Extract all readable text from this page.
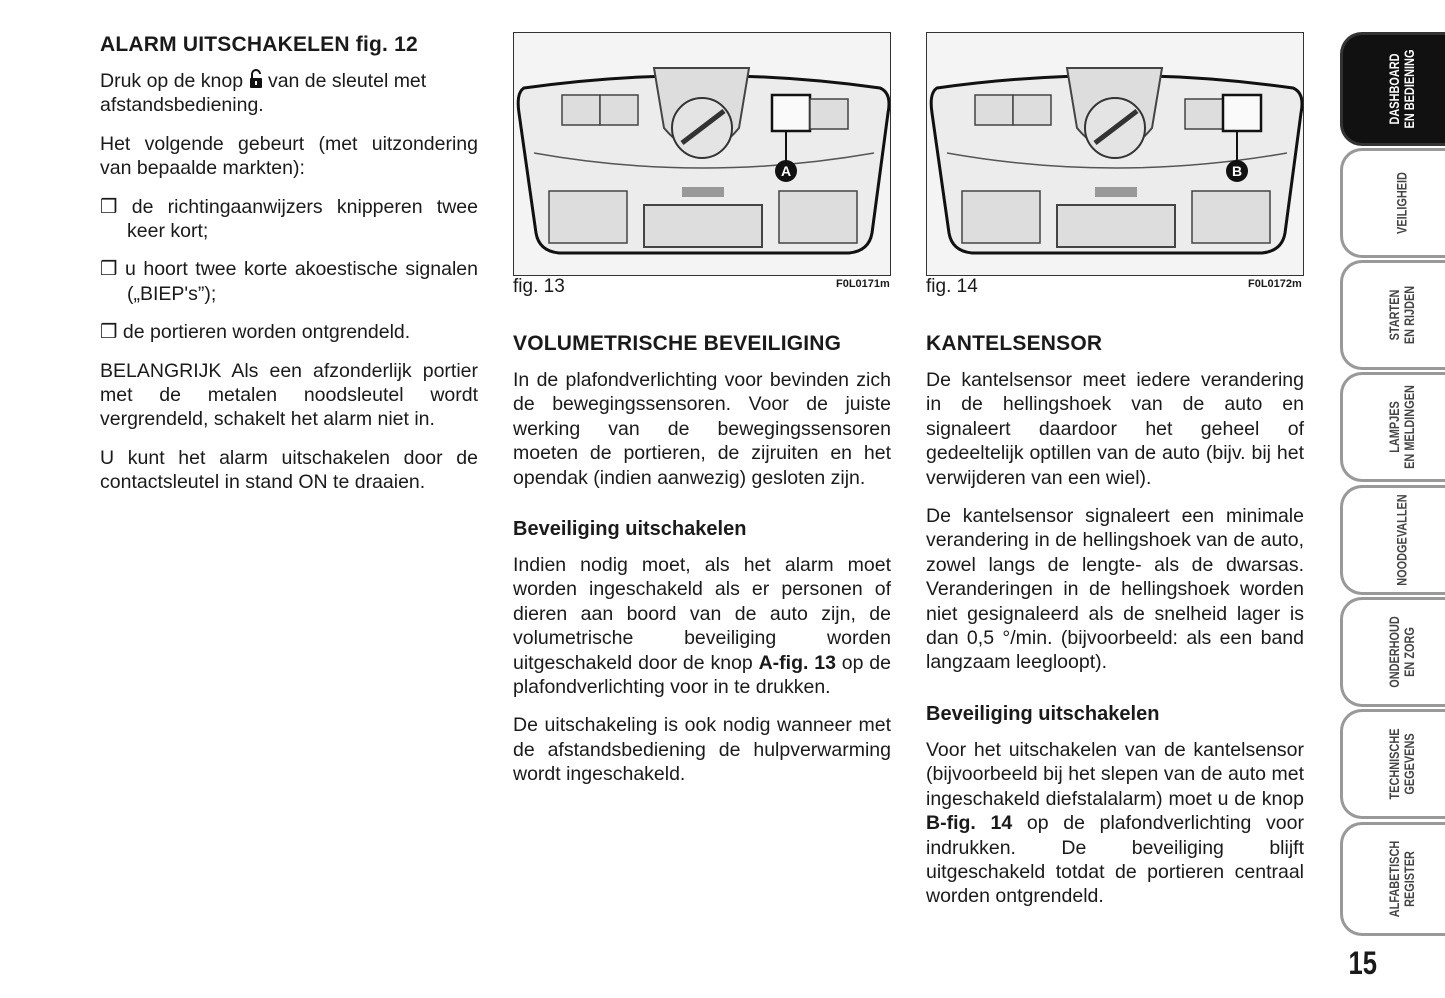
ALARM UITSCHAKELEN fig. 12

Druk op de knop van de sleutel met afstandsbediening.

Het volgende gebeurt (met uitzondering van bepaalde markten):

❒ de richtingaanwijzers knipperen twee keer kort;

❒ u hoort twee korte akoestische signalen („BIEP's”);

❒ de portieren worden ontgrendeld.

BELANGRIJK Als een afzonderlijk portier met de metalen noodsleutel wordt vergrendeld, schakelt het alarm niet in.

U kunt het alarm uitschakelen door de contactsleutel in stand ON te draaien.

A
fig. 13	F0L0171m
B
fig. 14	F0L0172m

VOLUMETRISCHE BEVEILIGING

In de plafondverlichting voor bevinden zich de bewegingssensoren. Voor de juiste werking van de bewegingssensoren moeten de portieren, de zijruiten en het opendak (indien aanwezig) gesloten zijn.

Beveiliging uitschakelen

Indien nodig moet, als het alarm moet worden ingeschakeld als er personen of dieren aan boord van de auto zijn, de volumetrische beveiliging worden uitgeschakeld door de knop A-fig. 13 op de plafondverlichting voor in te drukken.

De uitschakeling is ook nodig wanneer met de afstandsbediening de hulpverwarming wordt ingeschakeld.

KANTELSENSOR

De kantelsensor meet iedere verandering in de hellingshoek van de auto en signaleert daardoor het geheel of gedeeltelijk optillen van de auto (bijv. bij het verwijderen van een wiel).

De kantelsensor signaleert een minimale verandering in de hellingshoek van de auto, zowel langs de lengte- als de dwarsas. Veranderingen in de hellingshoek worden niet gesignaleerd als de snelheid lager is dan 0,5 °/min. (bijvoorbeeld: als een band langzaam leegloopt).

Beveiliging uitschakelen

Voor het uitschakelen van de kantelsensor (bijvoorbeeld bij het slepen van de auto met ingeschakeld diefstalalarm) moet u de knop B-fig. 14 op de plafondverlichting voor indrukken. De beveiliging blijft uitgeschakeld totdat de portieren centraal worden ontgrendeld.

DASHBOARD EN BEDIENING
VEILIGHEID
STARTEN EN RIJDEN
LAMPJES EN MELDINGEN
NOODGEVALLEN
ONDERHOUD EN ZORG
TECHNISCHE GEGEVENS
ALFABETISCH REGISTER
15
